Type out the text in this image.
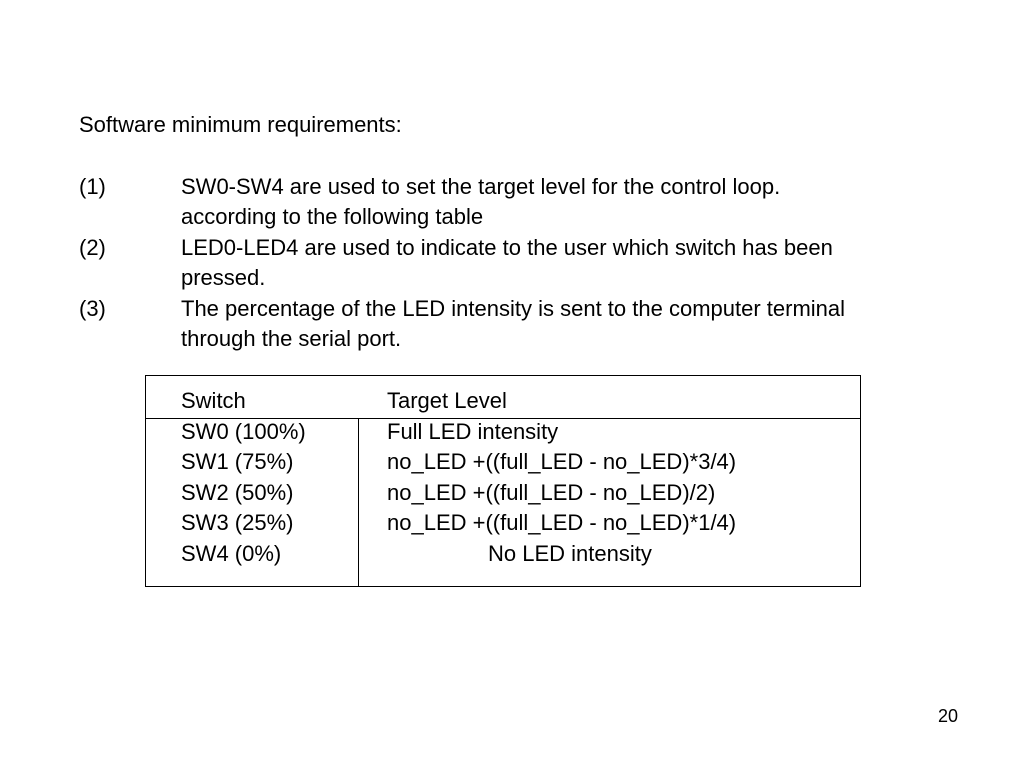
Software minimum requirements:
(1)	SW0-SW4 are used to set the target level for the control loop.
according to the following table
(2)	LED0-LED4 are used to indicate to the user which switch has been
pressed.
(3)	The percentage of the LED intensity is sent to the computer terminal
through the serial port.
Switch	Target Level
SW0 (100%)	Full LED intensity
SW1 (75%)	no_LED +((full_LED - no_LED)*3/4)
SW2 (50%)	no_LED +((full_LED - no_LED)/2)
SW3 (25%)	no_LED +((full_LED - no_LED)*1/4)
SW4 (0%)	No LED intensity
20
